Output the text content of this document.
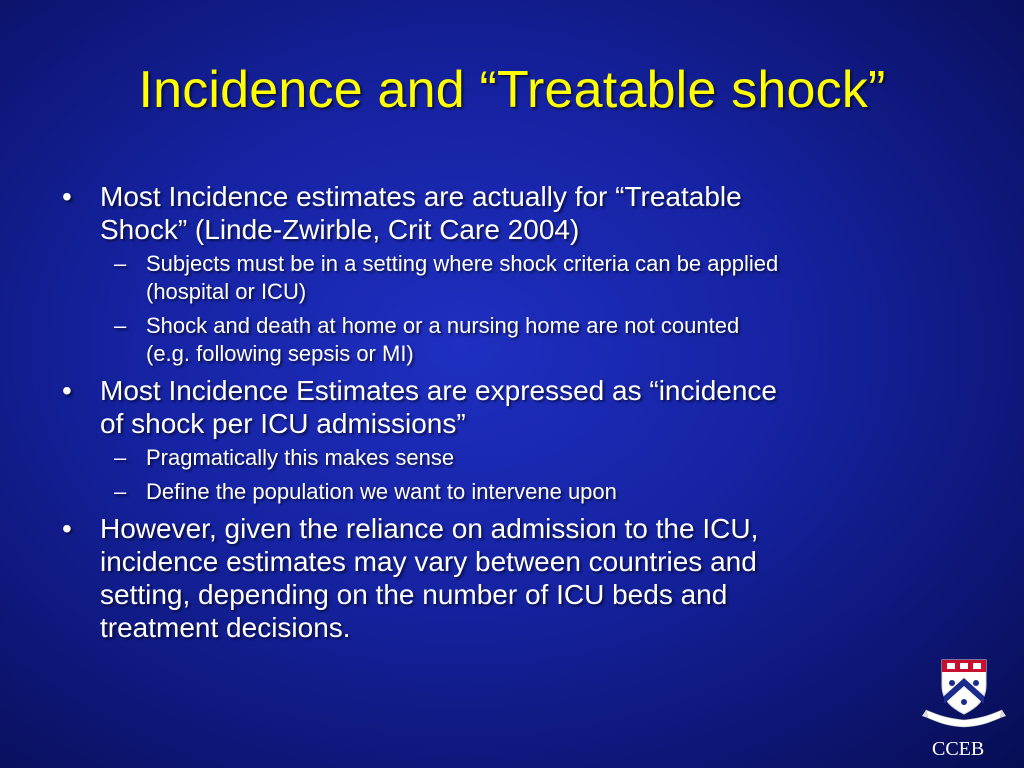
Incidence and “Treatable shock”
• Most Incidence estimates are actually for “Treatable
Shock” (Linde-Zwirble, Crit Care 2004)
– Subjects must be in a setting where shock criteria can be applied
(hospital or ICU)
– Shock and death at home or a nursing home are not counted
(e.g. following sepsis or MI)
• Most Incidence Estimates are expressed as “incidence
of shock per ICU admissions”
– Pragmatically this makes sense
– Define the population we want to intervene upon
• However, given the reliance on admission to the ICU,
incidence estimates may vary between countries and
setting, depending on the number of ICU beds and
treatment decisions.
CCEB
